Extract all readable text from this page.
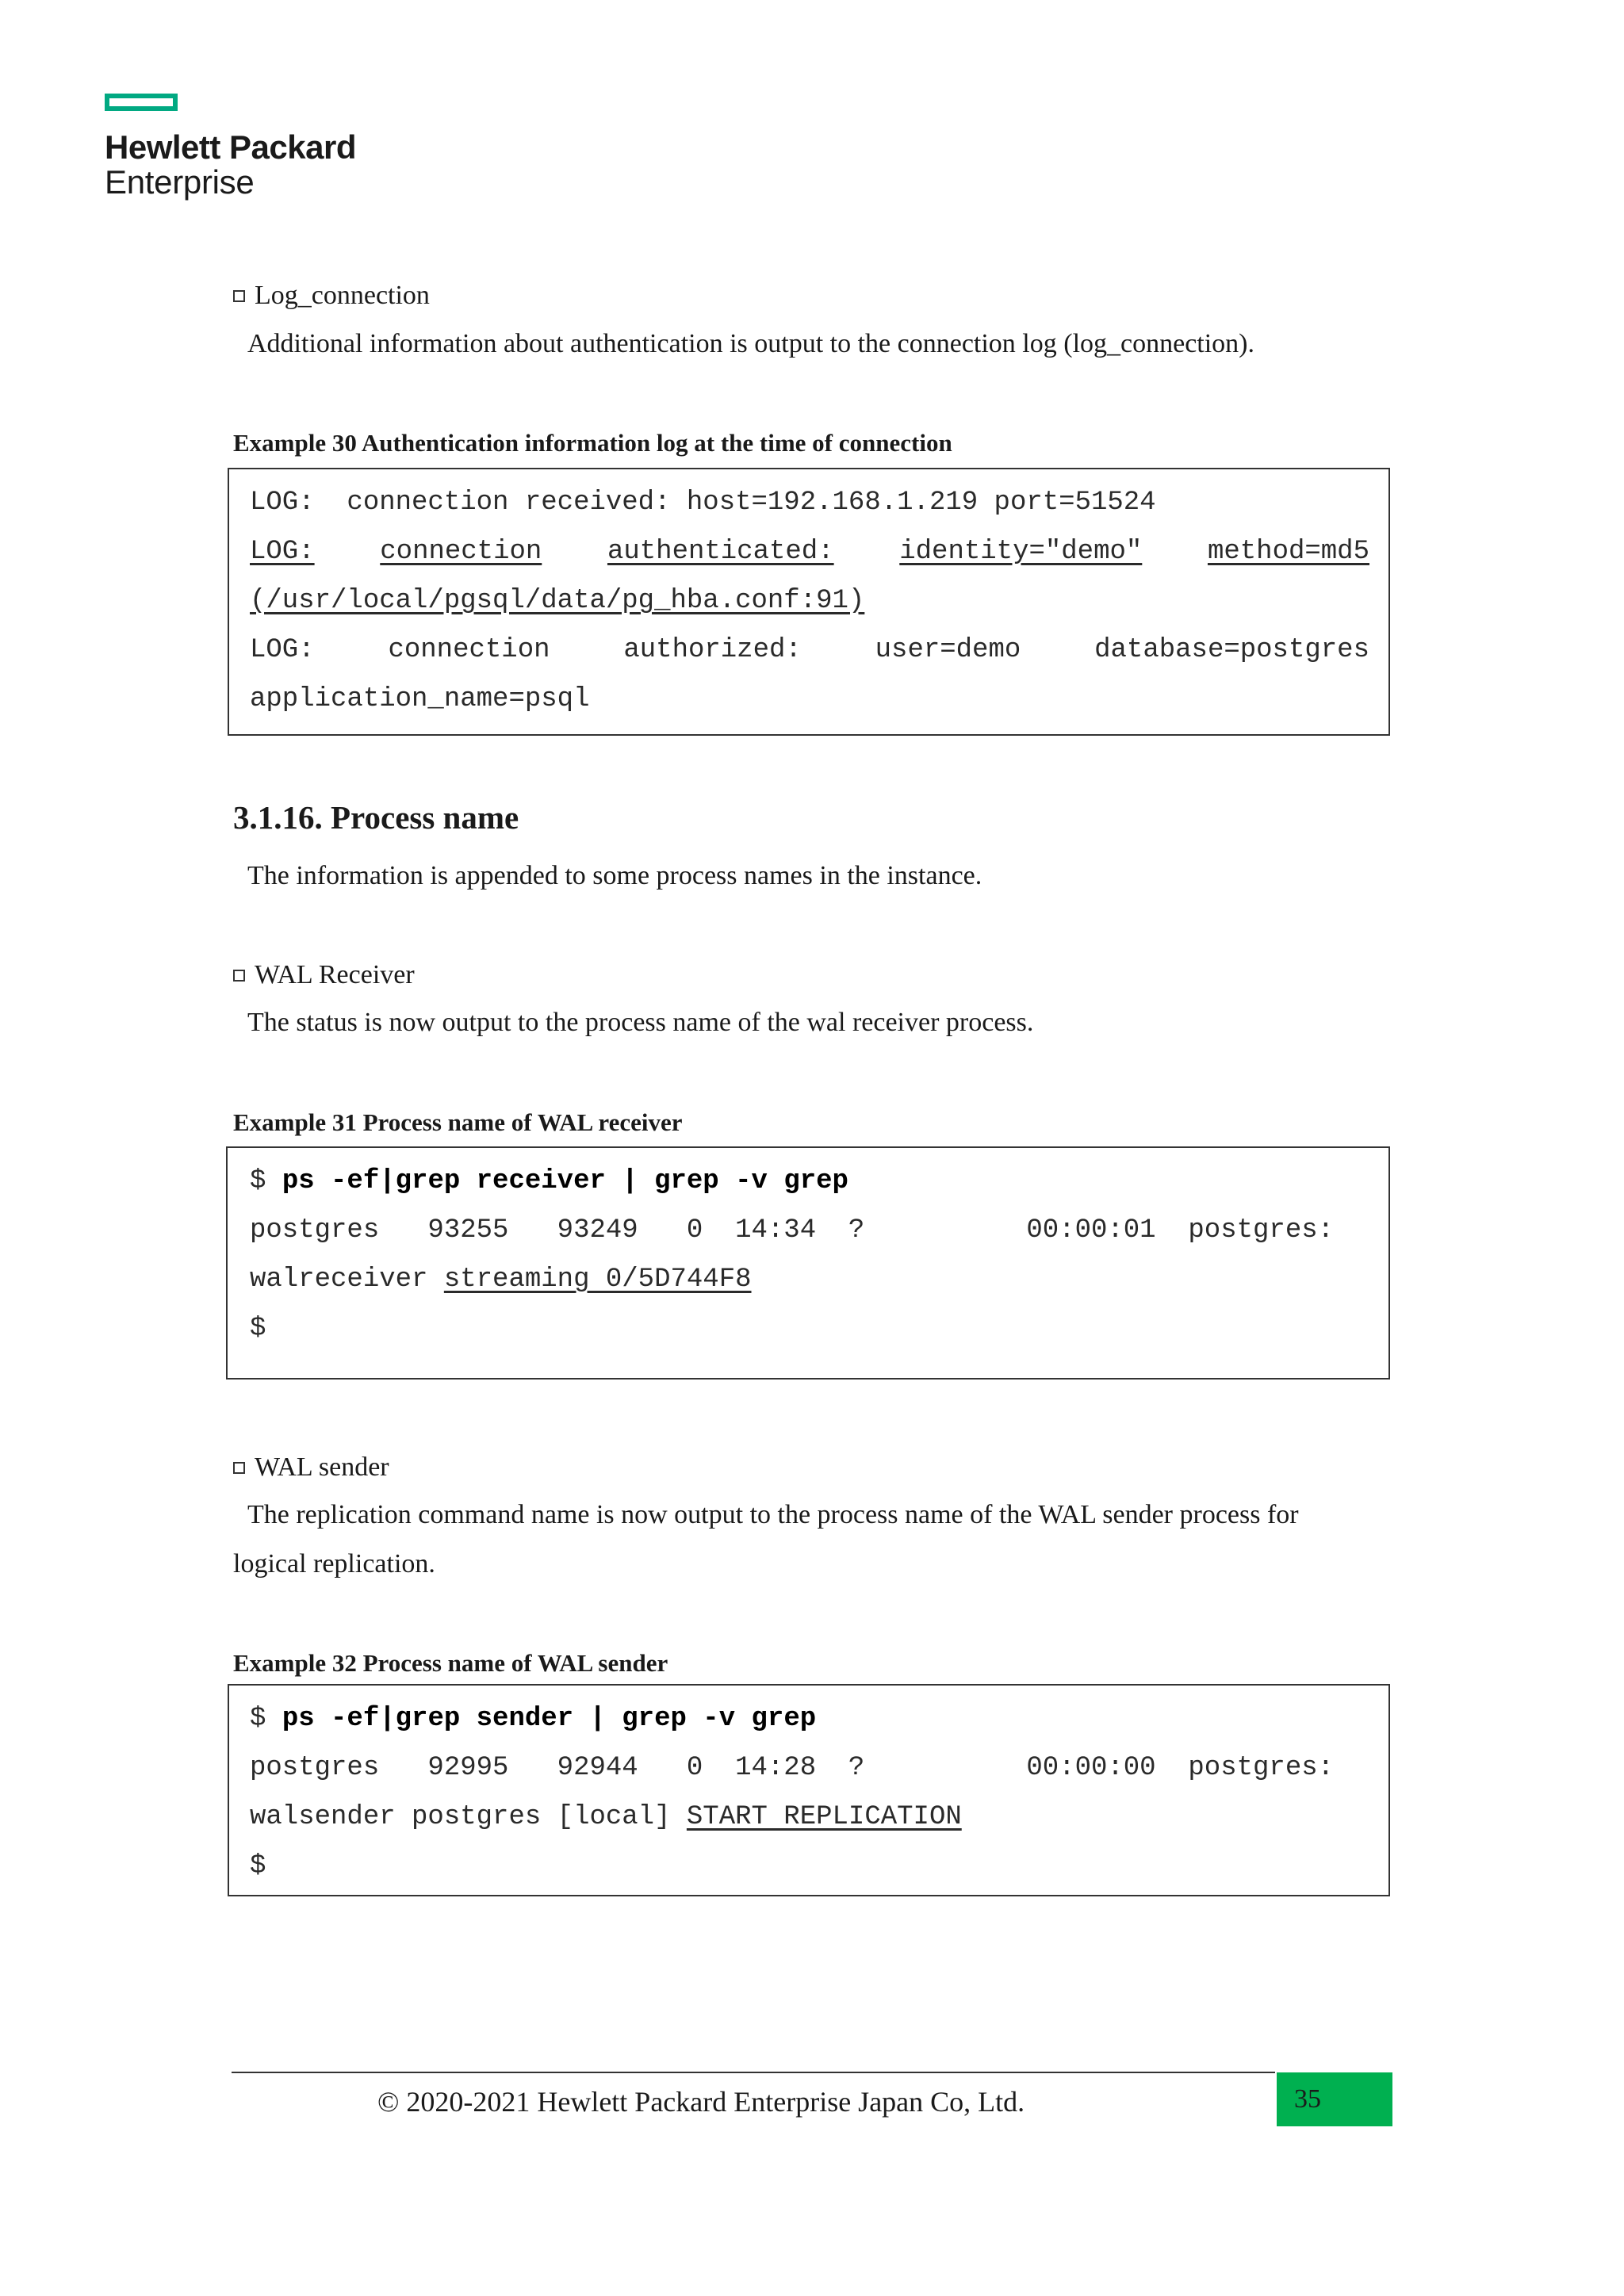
Hewlett Packard
Enterprise
Log_connection
Additional information about authentication is output to the connection log (log_connection).
Example 30 Authentication information log at the time of connection
LOG:  connection received: host=192.168.1.219 port=51524
LOG: connection authenticated: identity="demo" method=md5
(/usr/local/pgsql/data/pg_hba.conf:91)
LOG:	connection	authorized:	user=demo	database=postgres
application_name=psql
3.1.16. Process name
The information is appended to some process names in the instance.
WAL Receiver
The status is now output to the process name of the wal receiver process.
Example 31 Process name of WAL receiver
$ ps -ef|grep receiver | grep -v grep
postgres   93255   93249   0  14:34  ?          00:00:01  postgres:
walreceiver streaming 0/5D744F8
$
WAL sender
The replication command name is now output to the process name of the WAL sender process for
logical replication.
Example 32 Process name of WAL sender
$ ps -ef|grep sender | grep -v grep
postgres   92995   92944   0  14:28  ?          00:00:00  postgres:
walsender postgres [local] START REPLICATION
$
© 2020-2021 Hewlett Packard Enterprise Japan Co, Ltd.	35
